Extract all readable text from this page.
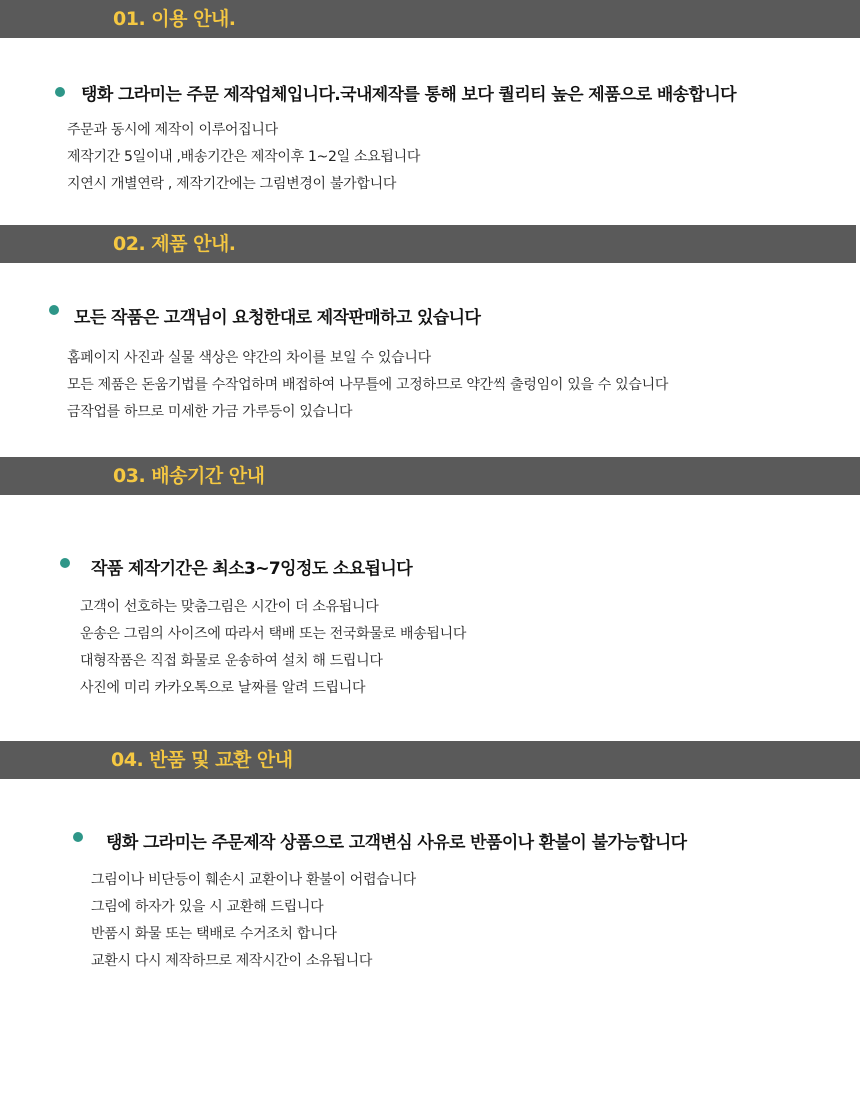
01. 이용 안내.
탱화 그라미는 주문 제작업체입니다.국내제작를 통해 보다 퀄리티 높은 제품으로 배송합니다
주문과 동시에 제작이 이루어집니다
제작기간 5일이내 ,배송기간은 제작이후 1~2일 소요됩니다
지연시 개별연락 , 제작기간에는 그림변경이 불가합니다
02. 제품 안내.
모든 작품은 고객님이 요청한대로 제작판매하고 있습니다
홈페이지 사진과 실물 색상은 약간의 차이를 보일 수 있습니다
모든 제품은 돈움기법를 수작업하며 배접하여 나무틀에 고정하므로 약간씩 출렁임이 있을 수 있습니다
금작업를 하므로 미세한 가금 가루등이 있습니다
03. 배송기간 안내
작품 제작기간은 최소3~7잉정도 소요됩니다
고객이 선호하는 맞춤그림은 시간이 더 소유됩니다
운송은 그림의 사이즈에 따라서 택배 또는 전국화물로 배송됩니다
대형작품은 직접 화물로 운송하여 설치 해 드립니다
사진에 미리 카카오톡으로 날짜를 알려 드립니다
04. 반품 및 교환 안내
탱화 그라미는 주문제작 상품으로 고객변심 사유로 반품이나 환불이 불가능합니다
그림이나 비단등이 훼손시 교환이나 환불이 어렵습니다
그림에 하자가 있을 시 교환해 드립니다
반품시 화물 또는 택배로 수거조치 합니다
교환시 다시 제작하므로 제작시간이 소유됩니다
